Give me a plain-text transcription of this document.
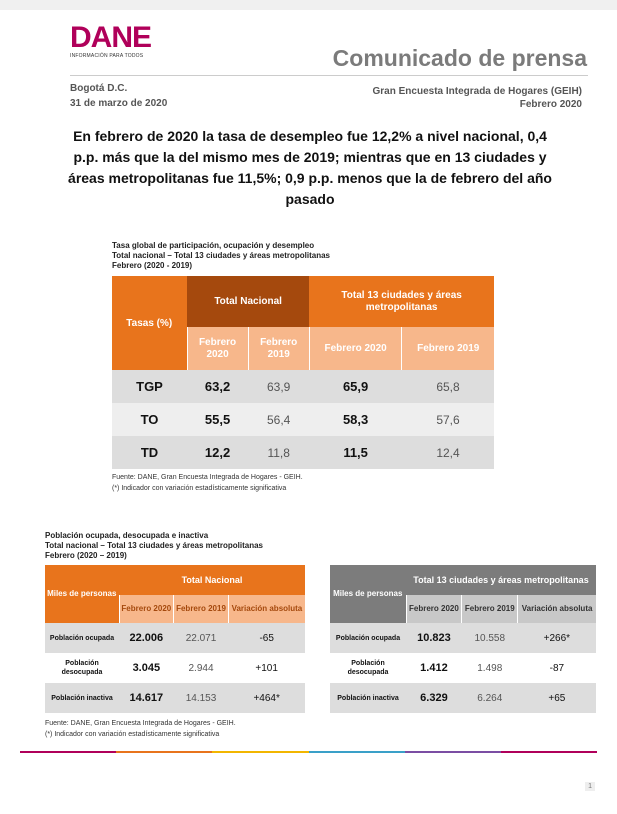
DANE
INFORMACIÓN PARA TODOS	Comunicado de prensa
Bogotá D.C.
31 de marzo de 2020
Gran Encuesta Integrada de Hogares (GEIH)
Febrero 2020
En febrero de 2020 la tasa de desempleo fue 12,2% a nivel nacional, 0,4 p.p. más que la del mismo mes de 2019; mientras que en 13 ciudades y áreas metropolitanas fue 11,5%; 0,9 p.p. menos que la de febrero del año pasado
Tasa global de participación, ocupación y desempleo
Total nacional – Total 13 ciudades y áreas metropolitanas
Febrero (2020 - 2019)
Tasas (%)	Total Nacional		Total 13 ciudades y áreas metropolitanas	
	Febrero 2020	Febrero 2019	Febrero 2020	Febrero 2019
TGP	63,2	63,9	65,9	65,8
TO	55,5	56,4	58,3	57,6
TD	12,2	11,8	11,5	12,4
Fuente: DANE, Gran Encuesta Integrada de Hogares - GEIH.
(*) Indicador con variación estadísticamente significativa
Población ocupada, desocupada e inactiva
Total nacional – Total 13 ciudades y áreas metropolitanas
Febrero (2020 – 2019)
Miles de personas	Total Nacional		
	Febrero 2020	Febrero 2019	Variación absoluta
Población ocupada	22.006	22.071	-65
Población desocupada	3.045	2.944	+101
Población inactiva	14.617	14.153	+464*
Miles de personas	Total 13 ciudades y áreas metropolitanas		
	Febrero 2020	Febrero 2019	Variación absoluta
Población ocupada	10.823	10.558	+266*
Población desocupada	1.412	1.498	-87
Población inactiva	6.329	6.264	+65
Fuente: DANE, Gran Encuesta Integrada de Hogares - GEIH.
(*) Indicador con variación estadísticamente significativa
1
